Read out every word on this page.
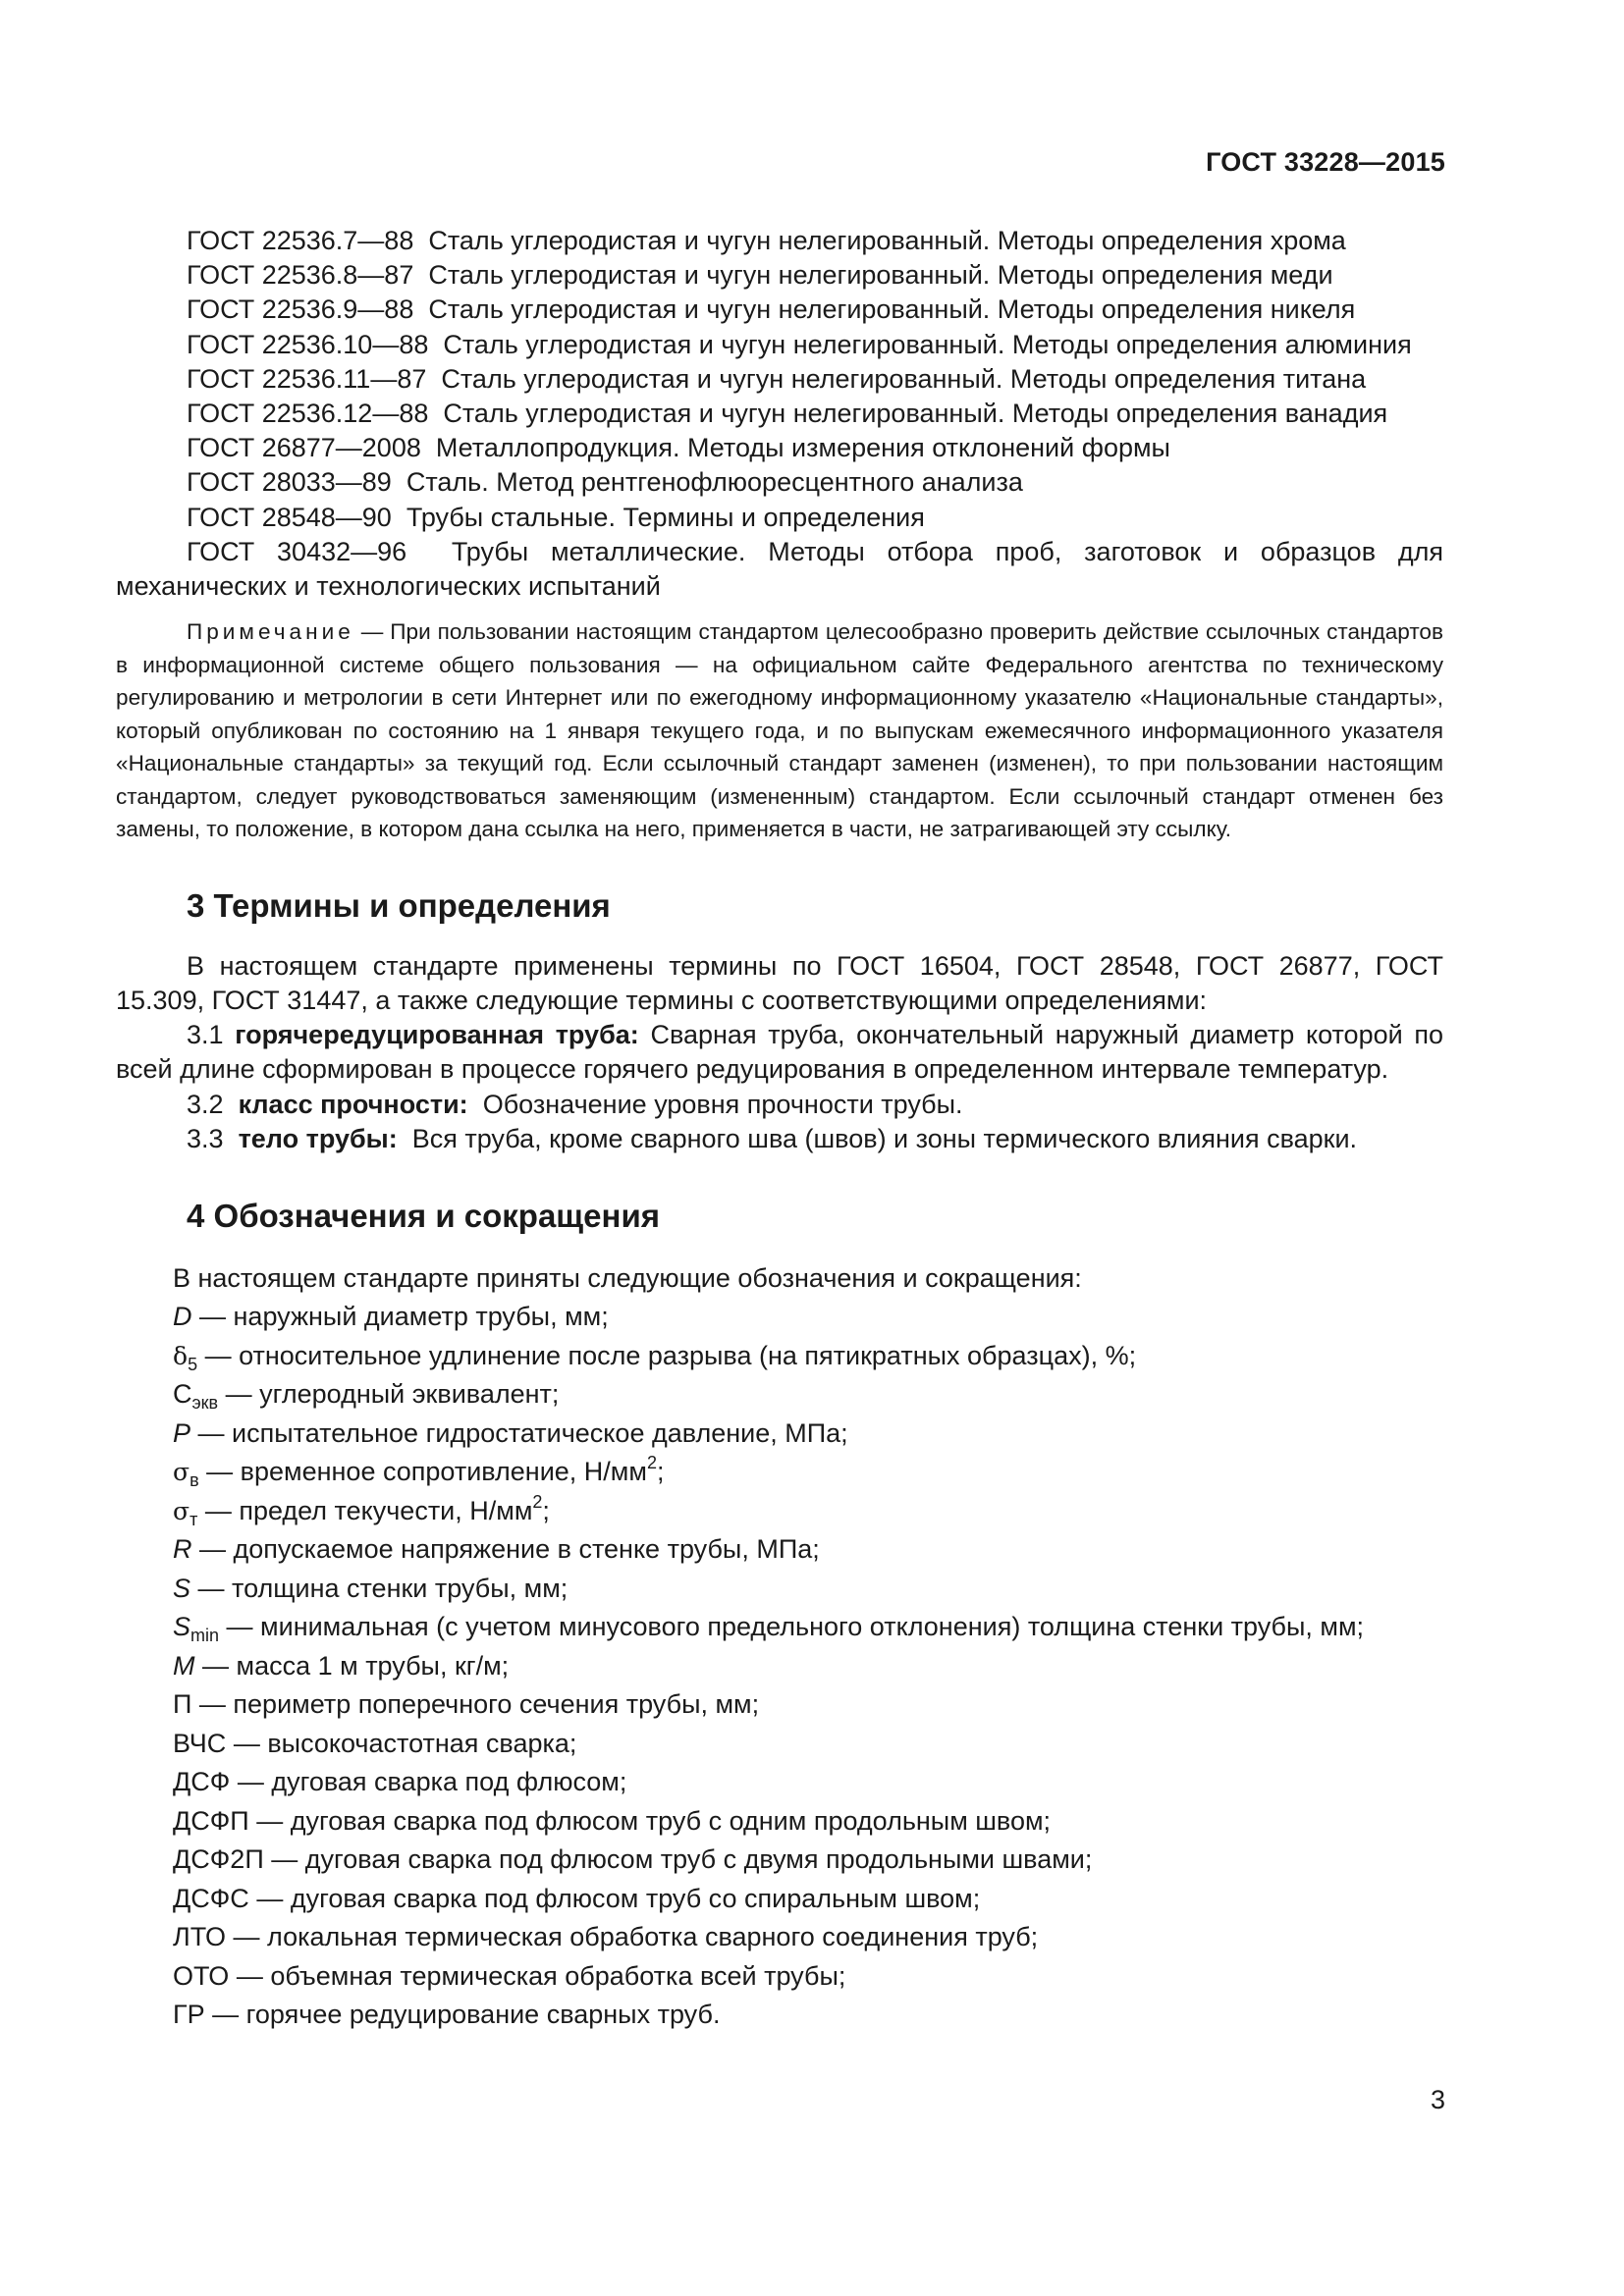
ГОСТ 33228—2015
ГОСТ 22536.7—88 Сталь углеродистая и чугун нелегированный. Методы определения хрома
ГОСТ 22536.8—87 Сталь углеродистая и чугун нелегированный. Методы определения меди
ГОСТ 22536.9—88 Сталь углеродистая и чугун нелегированный. Методы определения никеля
ГОСТ 22536.10—88 Сталь углеродистая и чугун нелегированный. Методы определения алюминия
ГОСТ 22536.11—87 Сталь углеродистая и чугун нелегированный. Методы определения титана
ГОСТ 22536.12—88 Сталь углеродистая и чугун нелегированный. Методы определения ванадия
ГОСТ 26877—2008 Металлопродукция. Методы измерения отклонений формы
ГОСТ 28033—89 Сталь. Метод рентгенофлюоресцентного анализа
ГОСТ 28548—90 Трубы стальные. Термины и определения
ГОСТ 30432—96 Трубы металлические. Методы отбора проб, заготовок и образцов для механических и технологических испытаний
Примечание — При пользовании настоящим стандартом целесообразно проверить действие ссылочных стандартов в информационной системе общего пользования — на официальном сайте Федерального агентства по техническому регулированию и метрологии в сети Интернет или по ежегодному информационному указателю «Национальные стандарты», который опубликован по состоянию на 1 января текущего года, и по выпускам ежемесячного информационного указателя «Национальные стандарты» за текущий год. Если ссылочный стандарт заменен (изменен), то при пользовании настоящим стандартом, следует руководствоваться заменяющим (измененным) стандартом. Если ссылочный стандарт отменен без замены, то положение, в котором дана ссылка на него, применяется в части, не затрагивающей эту ссылку.
3 Термины и определения
В настоящем стандарте применены термины по ГОСТ 16504, ГОСТ 28548, ГОСТ 26877, ГОСТ 15.309, ГОСТ 31447, а также следующие термины с соответствующими определениями:
3.1 горячередуцированная труба: Сварная труба, окончательный наружный диаметр которой по всей длине сформирован в процессе горячего редуцирования в определенном интервале температур.
3.2 класс прочности: Обозначение уровня прочности трубы.
3.3 тело трубы: Вся труба, кроме сварного шва (швов) и зоны термического влияния сварки.
4 Обозначения и сокращения
В настоящем стандарте приняты следующие обозначения и сокращения:
D — наружный диаметр трубы, мм;
$\delta_5$ — относительное удлинение после разрыва (на пятикратных образцах), %;
$С_{экв}$ — углеродный эквивалент;
P — испытательное гидростатическое давление, МПа;
$\sigma_в$ — временное сопротивление, $Н/мм^2$;
$\sigma_т$ — предел текучести, $Н/мм^2$;
R — допускаемое напряжение в стенке трубы, МПа;
S — толщина стенки трубы, мм;
$S_{min}$ — минимальная (с учетом минусового предельного отклонения) толщина стенки трубы, мм;
M — масса 1 м трубы, кг/м;
П — периметр поперечного сечения трубы, мм;
ВЧС — высокочастотная сварка;
ДСФ — дуговая сварка под флюсом;
ДСФП — дуговая сварка под флюсом труб с одним продольным швом;
ДСФ2П — дуговая сварка под флюсом труб с двумя продольными швами;
ДСФС — дуговая сварка под флюсом труб со спиральным швом;
ЛТО — локальная термическая обработка сварного соединения труб;
ОТО — объемная термическая обработка всей трубы;
ГР — горячее редуцирование сварных труб.
3
